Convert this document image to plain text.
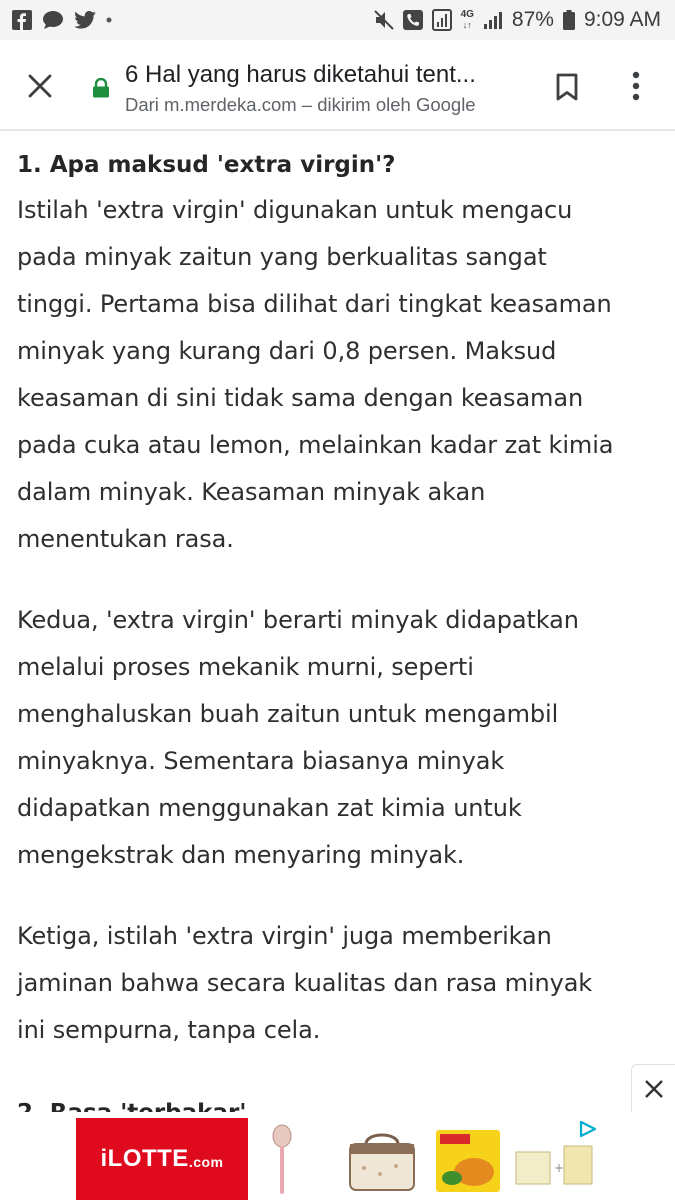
4G
↓↑ 87% 9:09 AM
6 Hal yang harus diketahui tent...
Dari m.merdeka.com – dikirim oleh Google
1. Apa maksud 'extra virgin'?

Istilah 'extra virgin' digunakan untuk mengacu
pada minyak zaitun yang berkualitas sangat
tinggi. Pertama bisa dilihat dari tingkat keasaman
minyak yang kurang dari 0,8 persen. Maksud
keasaman di sini tidak sama dengan keasaman
pada cuka atau lemon, melainkan kadar zat kimia
dalam minyak. Keasaman minyak akan
menentukan rasa.

Kedua, 'extra virgin' berarti minyak didapatkan
melalui proses mekanik murni, seperti
menghaluskan buah zaitun untuk mengambil
minyaknya. Sementara biasanya minyak
didapatkan menggunakan zat kimia untuk
mengekstrak dan menyaring minyak.

Ketiga, istilah 'extra virgin' juga memberikan
jaminan bahwa secara kualitas dan rasa minyak
ini sempurna, tanpa cela.

iLOTTE .com	+
